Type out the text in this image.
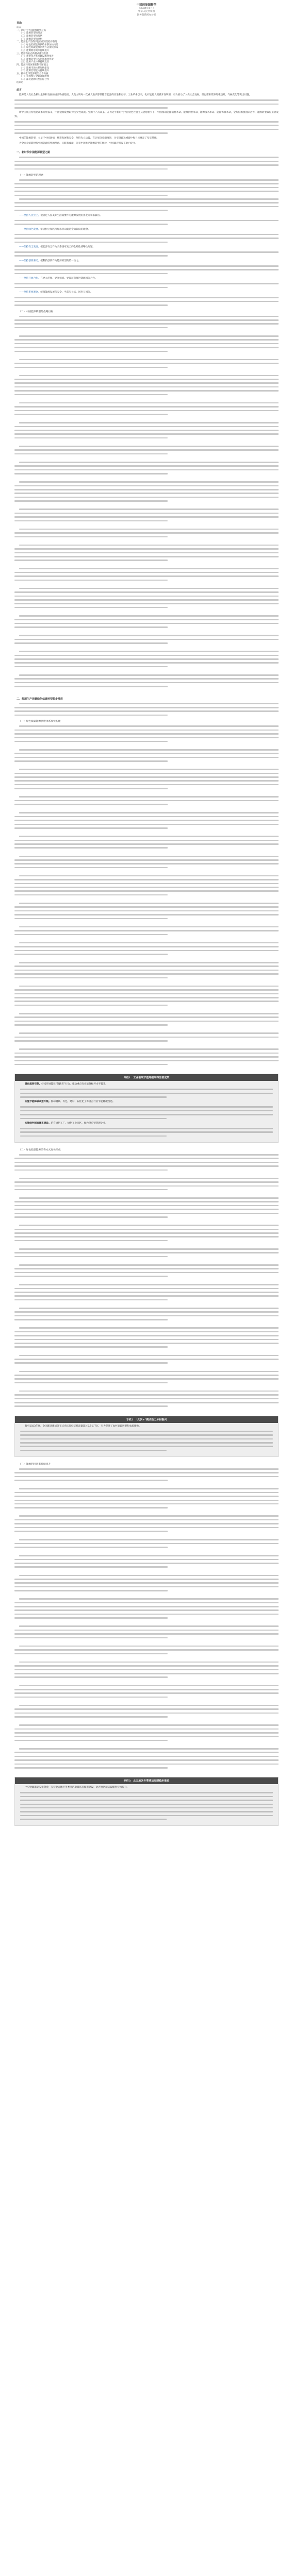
中国的能源转型
（2024年8月）
中华人民共和国
国务院新闻办公室
目录
前言
一、新时代中国能源转型之路
（一）能源转型的理念
（二）能源转型的战略
（三）能源转型的原则
二、能源生产消费绿色低碳转型稳步推进
（一）绿色低碳能源供给体系加快构建
（二）绿色低碳能源消费方式加快形成
（三）能源利用效率持续提升
三、能源新业态新模式蓬勃发展
（一）新型电力系统建设加快推进
（二）能源转型技术创新加快突破
（三）能源产业体系持续完善
四、能源转型体制机制不断健全
（一）能源市场体系加快建设
（二）能源治理能力持续提升
五、推动全球能源转型合作共赢
（一）积极参与全球能源治理
（二）深化能源转型国际合作
结束语
前言

能源是人类社会赖以生存和发展的重要物质基础。人类文明每一次重大进步都伴随着能源的改进和更替。工业革命以来，化石能源大规模开发利用，有力推动了人类社会发展，但也带来资源约束趋紧、气候变化等突出问题。

新中国成立特别是改革开放以来，中国能源发展取得历史性成就。党的十八大以来，在习近平新时代中国特色社会主义思想指引下，中国推动能源消费革命、能源供给革命、能源技术革命、能源体制革命，全方位加强国际合作，能源转型取得显著成效。

中国的能源转型，立足于中国国情，统筹发展和安全，坚持先立后破，有计划分步骤推进，为实现碳达峰碳中和目标奠定了坚实基础。

为全面介绍新时代中国能源转型的理念、实践和成就，分享中国推动能源转型的经验，中国政府特发布此白皮书。

一、新时代中国能源转型之路
（一）能源转型的理念

——坚持人民至上。把满足人民美好生活需要作为能源发展的出发点和落脚点。

——坚持绿色发展。牢固树立和践行绿水青山就是金山银山的理念。

——坚持安全发展。把能源安全作为关系国家安全的全局性战略性问题。

——坚持创新驱动。把科技创新作为能源转型的第一动力。

——坚持开放合作。在更大范围、更宽领域、更深层次推进能源国际合作。

——坚持系统观念。统筹能源发展与安全、当前与长远、国内与国际。

（二）中国能源转型的战略目标
二、能源生产消费绿色低碳转型稳步推进
（一）绿色低碳能源供给体系加快构建
专栏1　工业领域节能降碳取得显著成效

强化能效引领。持续开展能效“领跑者”行动，推动重点行业能效标杆水平提升。

实施节能降碳改造升级。推动钢铁、有色、建材、石化化工等重点行业节能降碳改造。

实施绿色制造体系建设。培育绿色工厂、绿色工业园区、绿色供应链管理企业。

（二）绿色低碳能源消费方式加快形成
专栏2　“光伏+”模式助力乡村振兴

截至2023年底，全国累计建成分布式光伏发电装机容量超过2.5亿千瓦，有力促进了农村能源转型和农民增收。

（三）能源利用效率持续提升
专栏3　北方地区冬季清洁取暖稳步推进

中央财政累计安排资金，支持北方地区冬季清洁取暖试点城市建设，北方地区清洁取暖率持续提升。
